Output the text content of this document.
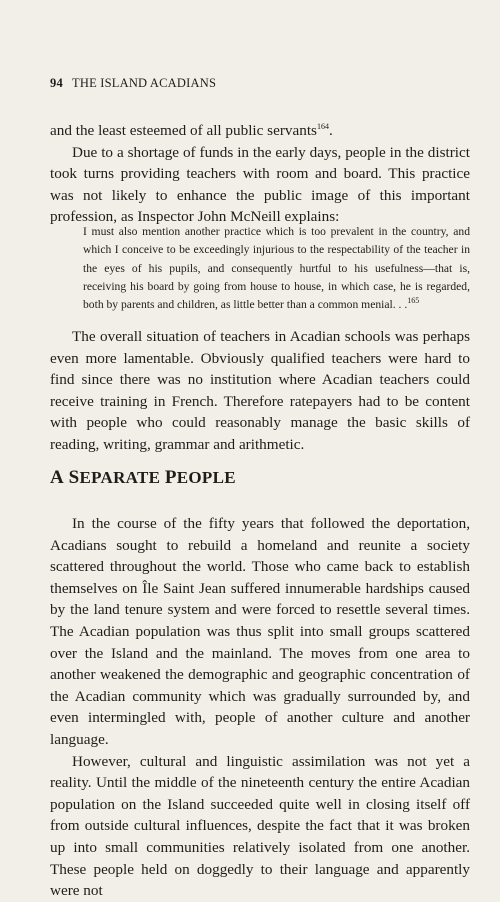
94 THE ISLAND ACADIANS

and the least esteemed of all public servants$^{164}$.

Due to a shortage of funds in the early days, people in the district took turns providing teachers with room and board. This practice was not likely to enhance the public image of this important profession, as Inspector John McNeill explains:

I must also mention another practice which is too prevalent in the country, and which I conceive to be exceedingly injurious to the respectability of the teacher in the eyes of his pupils, and consequently hurtful to his usefulness—that is, receiving his board by going from house to house, in which case, he is regarded, both by parents and children, as little better than a common menial. . .$^{165}$

The overall situation of teachers in Acadian schools was perhaps even more lamentable. Obviously qualified teachers were hard to find since there was no institution where Acadian teachers could receive training in French. Therefore ratepayers had to be content with people who could reasonably manage the basic skills of reading, writing, grammar and arithmetic.

A SEPARATE PEOPLE

In the course of the fifty years that followed the deportation, Acadians sought to rebuild a homeland and reunite a society scattered throughout the world. Those who came back to establish themselves on Île Saint Jean suffered innumerable hardships caused by the land tenure system and were forced to resettle several times. The Acadian population was thus split into small groups scattered over the Island and the mainland. The moves from one area to another weakened the demographic and geographic concentration of the Acadian community which was gradually surrounded by, and even intermingled with, people of another culture and another language.

However, cultural and linguistic assimilation was not yet a reality. Until the middle of the nineteenth century the entire Acadian population on the Island succeeded quite well in closing itself off from outside cultural influences, despite the fact that it was broken up into small communities relatively isolated from one another. These people held on doggedly to their language and apparently were not
